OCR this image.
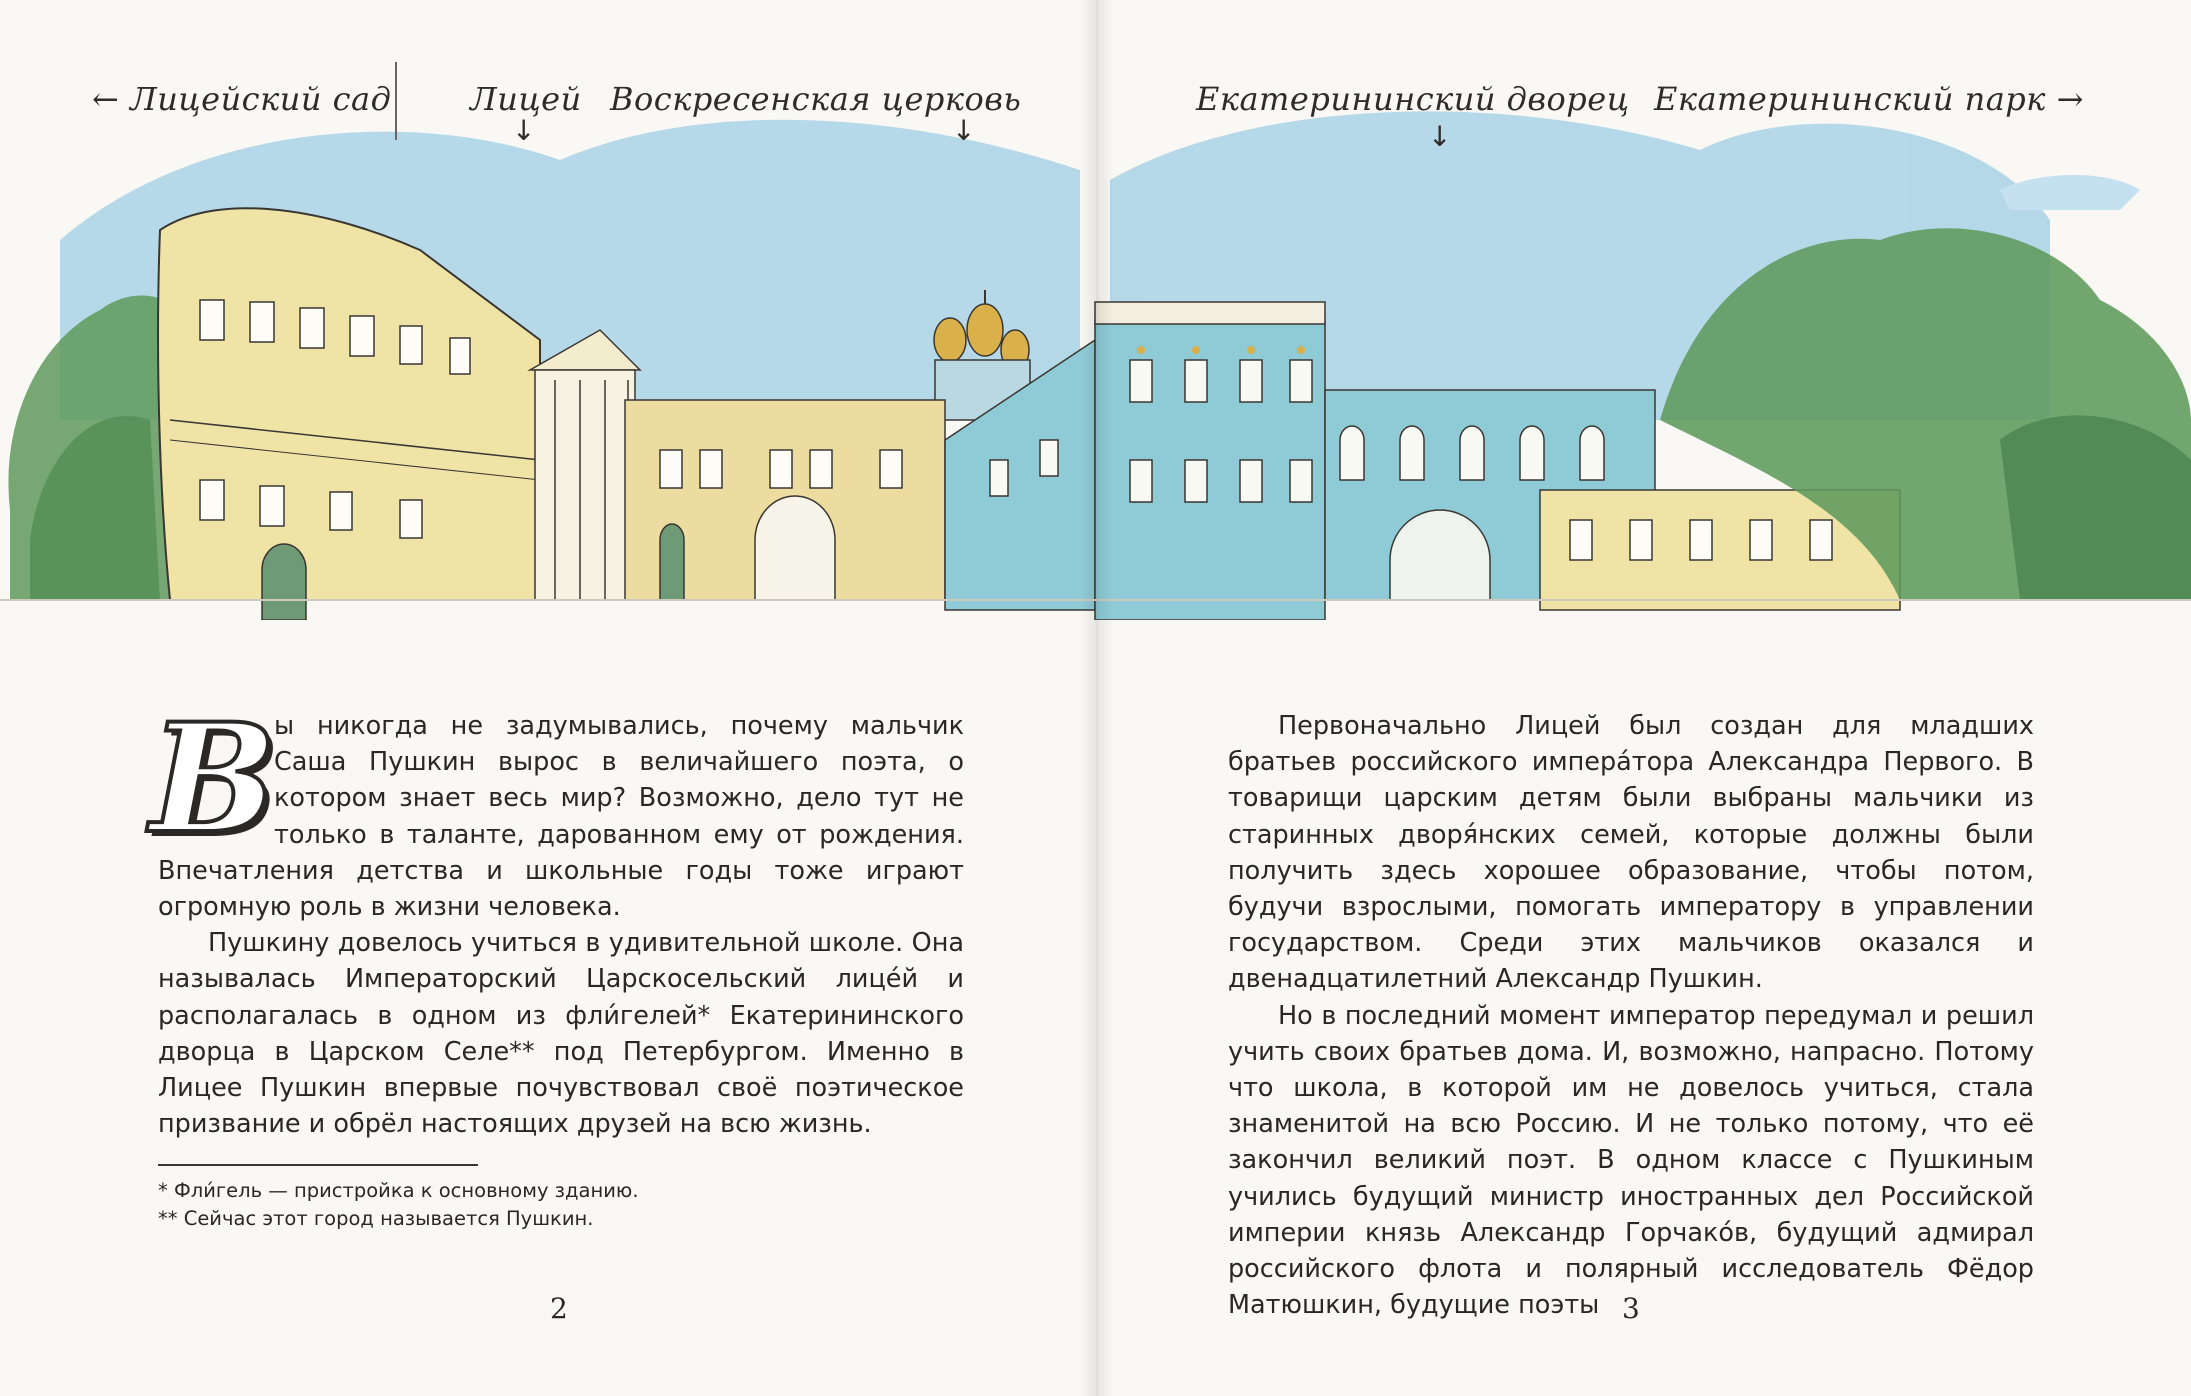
← Лицейский сад Лицей
↓
Воскресенская церковь
↓
Екатерининский дворец
↓
Екатерининский парк →

В
ы никогда не задумывались, почему мальчик Саша Пушкин вырос в величайшего поэта, о котором знает весь мир? Возможно, дело тут не только в таланте, дарованном ему от рождения. Впечатления детства и школьные годы тоже играют огромную роль в жизни человека.

Пушкину довелось учиться в удивительной школе. Она называлась Императорский Царскосельский лице́й и располагалась в одном из фли́гелей* Екатерининского дворца в Царском Селе** под Петербургом. Именно в Лицее Пушкин впервые почувствовал своё поэтическое призвание и обрёл настоящих друзей на всю жизнь.

* Фли́гель — пристройка к основному зданию.
** Сейчас этот город называется Пушкин.
2

Первоначально Лицей был создан для младших братьев российского импера́тора Александра Первого. В товарищи царским детям были выбраны мальчики из старинных дворя́нских семей, которые должны были получить здесь хорошее образование, чтобы потом, будучи взрослыми, помогать императору в управлении государством. Среди этих мальчиков оказался и двенадцатилетний Александр Пушкин.

Но в последний момент император передумал и решил учить своих братьев дома. И, возможно, напрасно. Потому что школа, в которой им не довелось учиться, стала знаменитой на всю Россию. И не только потому, что её закончил великий поэт. В одном классе с Пушкиным учились будущий министр иностранных дел Российской империи князь Александр Горчако́в, будущий адмирал российского флота и полярный исследователь Фёдор Матюшкин, будущие поэты 3
